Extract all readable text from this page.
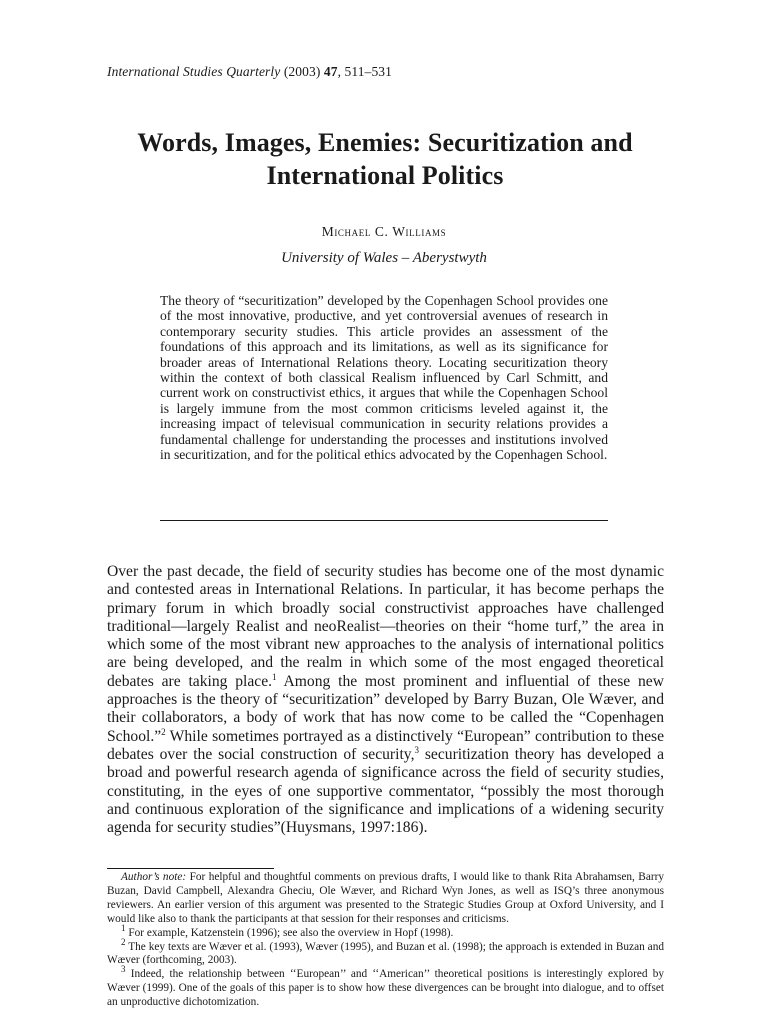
International Studies Quarterly (2003) 47, 511–531
Words, Images, Enemies: Securitization and International Politics
Michael C. Williams
University of Wales – Aberystwyth
The theory of “securitization” developed by the Copenhagen School provides one of the most innovative, productive, and yet controversial avenues of research in contemporary security studies. This article provides an assessment of the foundations of this approach and its limitations, as well as its significance for broader areas of International Relations theory. Locating securitization theory within the context of both classical Realism influenced by Carl Schmitt, and current work on constructivist ethics, it argues that while the Copenhagen School is largely immune from the most common criticisms leveled against it, the increasing impact of televisual communication in security relations provides a fundamental challenge for understanding the processes and institutions involved in securitization, and for the political ethics advocated by the Copenhagen School.
Over the past decade, the field of security studies has become one of the most dynamic and contested areas in International Relations. In particular, it has become perhaps the primary forum in which broadly social constructivist approaches have challenged traditional—largely Realist and neoRealist—theories on their “home turf,” the area in which some of the most vibrant new approaches to the analysis of international politics are being developed, and the realm in which some of the most engaged theoretical debates are taking place.$^1$ Among the most prominent and influential of these new approaches is the theory of “securitization” developed by Barry Buzan, Ole Wæver, and their collaborators, a body of work that has now come to be called the “Copenhagen School.”$^2$ While sometimes portrayed as a distinctively “European” contribution to these debates over the social construction of security,$^3$ securitization theory has developed a broad and powerful research agenda of significance across the field of security studies, constituting, in the eyes of one supportive commentator, “possibly the most thorough and continuous exploration of the significance and implications of a widening security agenda for security studies”(Huysmans, 1997:186).

Author’s note: For helpful and thoughtful comments on previous drafts, I would like to thank Rita Abrahamsen, Barry Buzan, David Campbell, Alexandra Gheciu, Ole Wæver, and Richard Wyn Jones, as well as ISQ’s three anonymous reviewers. An earlier version of this argument was presented to the Strategic Studies Group at Oxford University, and I would like also to thank the participants at that session for their responses and criticisms.

$^1$ For example, Katzenstein (1996); see also the overview in Hopf (1998).

$^2$ The key texts are Wæver et al. (1993), Wæver (1995), and Buzan et al. (1998); the approach is extended in Buzan and Wæver (forthcoming, 2003).

$^3$ Indeed, the relationship between ‘‘European’’ and ‘‘American’’ theoretical positions is interestingly explored by Wæver (1999). One of the goals of this paper is to show how these divergences can be brought into dialogue, and to offset an unproductive dichotomization.
